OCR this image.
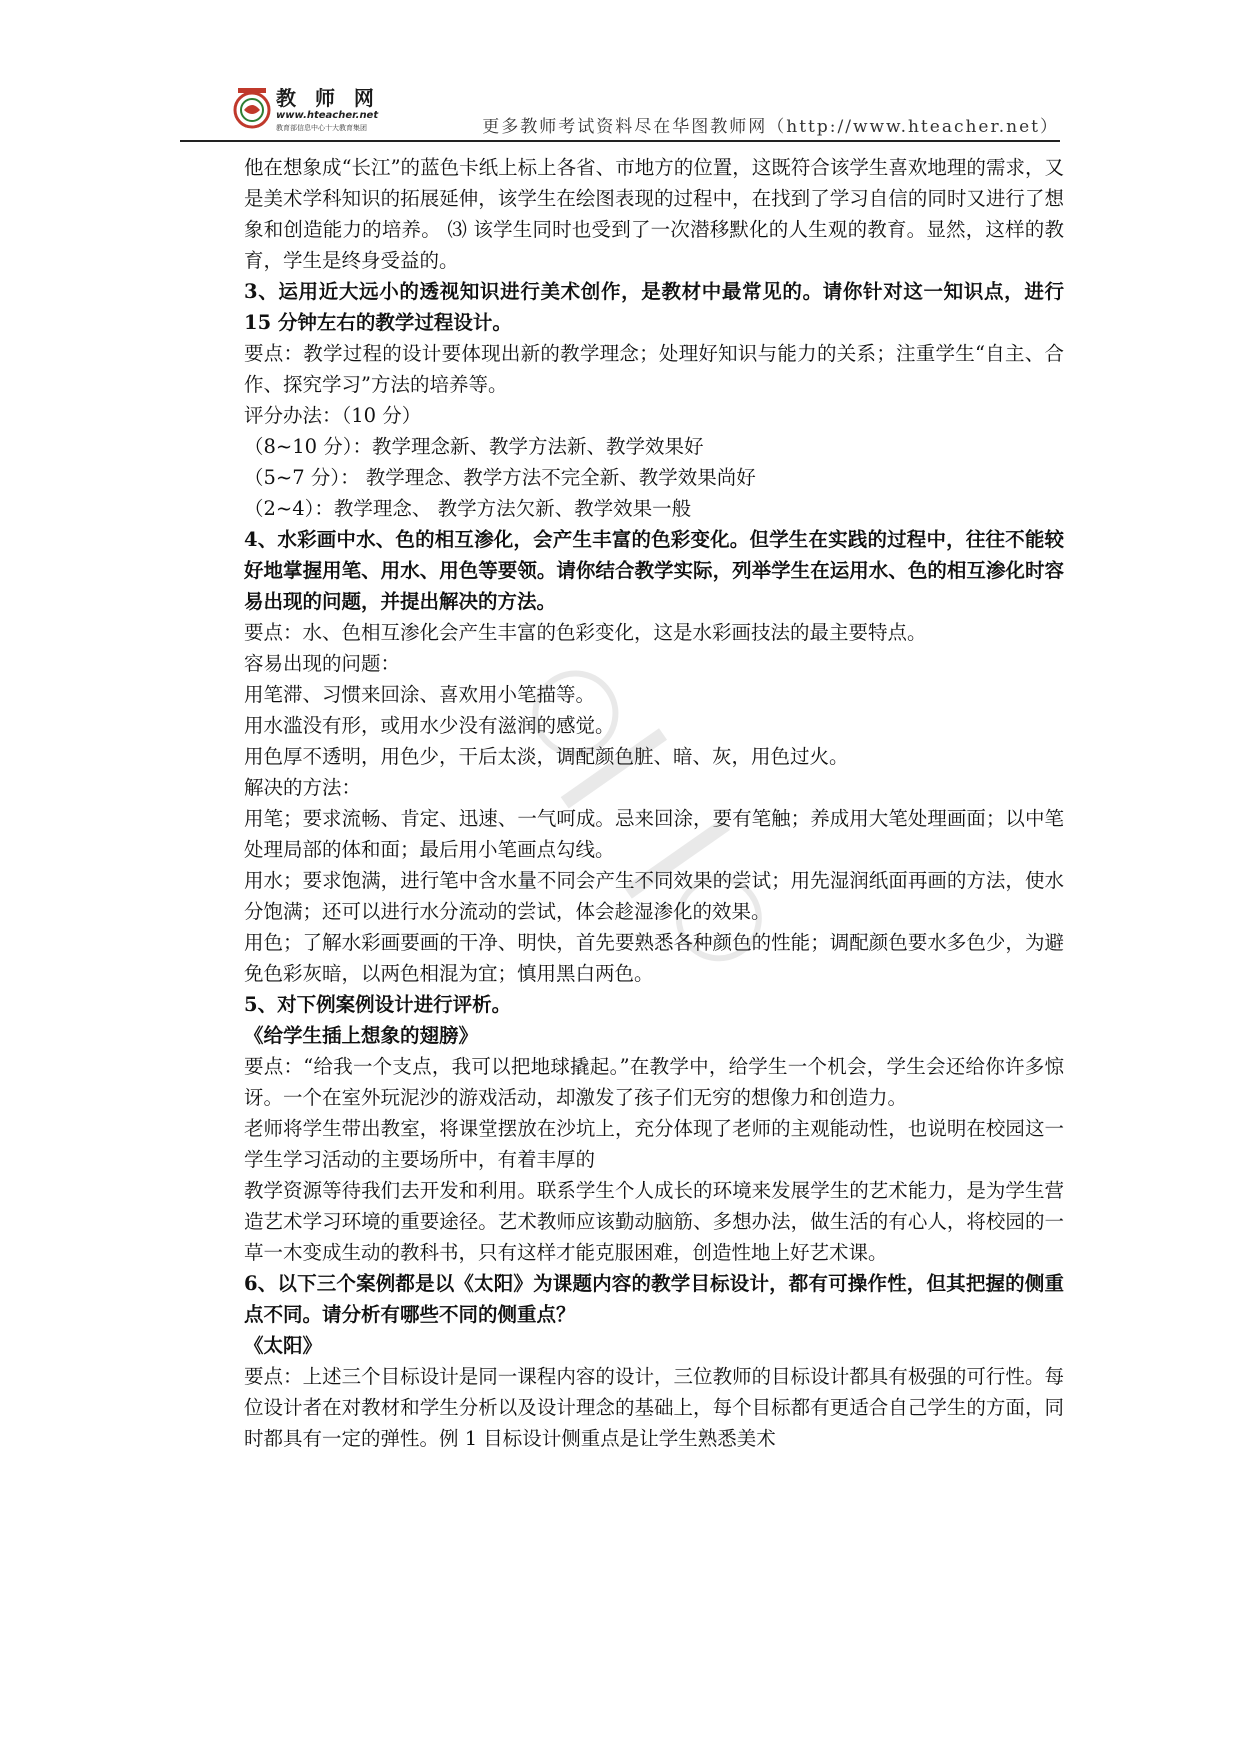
教 师 网
www.hteacher.net
教育部信息中心十大教育集团	更多教师考试资料尽在华图教师网（http://www.hteacher.net）

他在想象成“长江”的蓝色卡纸上标上各省、市地方的位置，这既符合该学生喜欢地理的需求，又是美术学科知识的拓展延伸，该学生在绘图表现的过程中，在找到了学习自信的同时又进行了想象和创造能力的培养。 ⑶ 该学生同时也受到了一次潜移默化的人生观的教育。显然，这样的教育，学生是终身受益的。

3、运用近大远小的透视知识进行美术创作，是教材中最常见的。请你针对这一知识点，进行 15 分钟左右的教学过程设计。

要点：教学过程的设计要体现出新的教学理念；处理好知识与能力的关系；注重学生“自主、合作、探究学习”方法的培养等。

评分办法：（10 分）

（8~10 分）：教学理念新、教学方法新、教学效果好

（5~7 分）： 教学理念、教学方法不完全新、教学效果尚好

（2~4）：教学理念、 教学方法欠新、教学效果一般

4、水彩画中水、色的相互渗化，会产生丰富的色彩变化。但学生在实践的过程中，往往不能较好地掌握用笔、用水、用色等要领。请你结合教学实际，列举学生在运用水、色的相互渗化时容易出现的问题，并提出解决的方法。

要点：水、色相互渗化会产生丰富的色彩变化，这是水彩画技法的最主要特点。

容易出现的问题：

用笔滞、习惯来回涂、喜欢用小笔描等。

用水滥没有形，或用水少没有滋润的感觉。

用色厚不透明，用色少，干后太淡，调配颜色脏、暗、灰，用色过火。

解决的方法：

用笔；要求流畅、肯定、迅速、一气呵成。忌来回涂，要有笔触；养成用大笔处理画面；以中笔处理局部的体和面；最后用小笔画点勾线。

用水；要求饱满，进行笔中含水量不同会产生不同效果的尝试；用先湿润纸面再画的方法，使水分饱满；还可以进行水分流动的尝试，体会趁湿渗化的效果。

用色；了解水彩画要画的干净、明快，首先要熟悉各种颜色的性能；调配颜色要水多色少，为避免色彩灰暗，以两色相混为宜；慎用黑白两色。

5、对下例案例设计进行评析。

《给学生插上想象的翅膀》

要点：“给我一个支点，我可以把地球撬起。”在教学中，给学生一个机会，学生会还给你许多惊讶。一个在室外玩泥沙的游戏活动，却激发了孩子们无穷的想像力和创造力。

老师将学生带出教室，将课堂摆放在沙坑上，充分体现了老师的主观能动性，也说明在校园这一学生学习活动的主要场所中，有着丰厚的

教学资源等待我们去开发和利用。联系学生个人成长的环境来发展学生的艺术能力，是为学生营造艺术学习环境的重要途径。艺术教师应该勤动脑筋、多想办法，做生活的有心人，将校园的一草一木变成生动的教科书，只有这样才能克服困难，创造性地上好艺术课。

6、以下三个案例都是以《太阳》为课题内容的教学目标设计，都有可操作性，但其把握的侧重点不同。请分析有哪些不同的侧重点？

《太阳》

要点：上述三个目标设计是同一课程内容的设计，三位教师的目标设计都具有极强的可行性。每位设计者在对教材和学生分析以及设计理念的基础上，每个目标都有更适合自己学生的方面，同时都具有一定的弹性。例 1 目标设计侧重点是让学生熟悉美术
